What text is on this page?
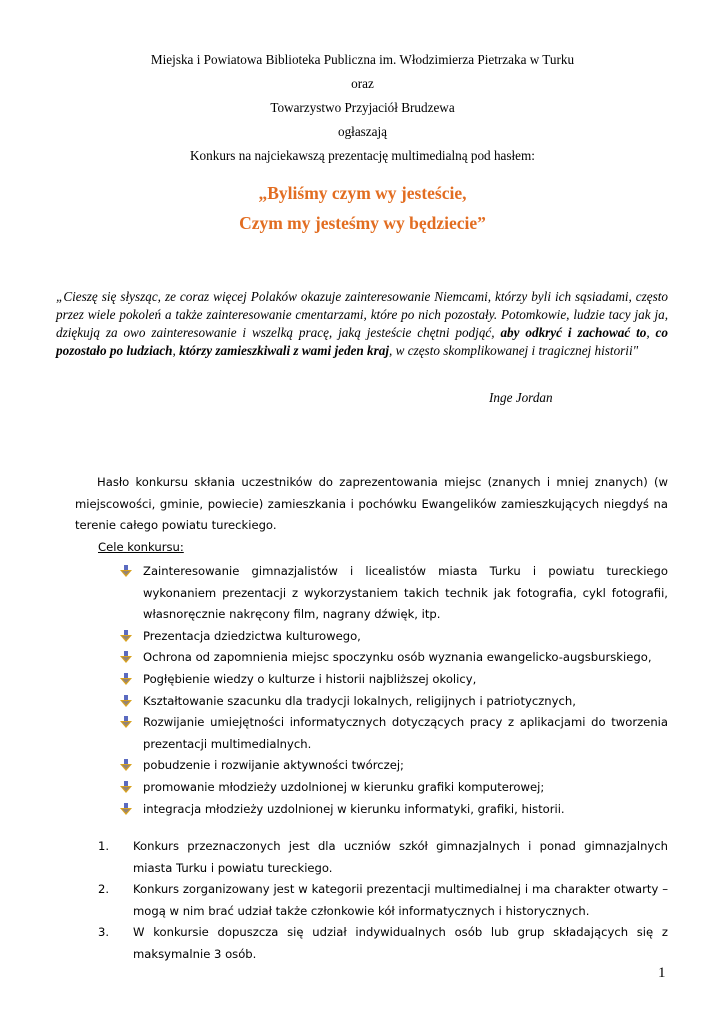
Miejska i Powiatowa Biblioteka Publiczna im. Włodzimierza Pietrzaka w Turku
oraz
Towarzystwo Przyjaciół Brudzewa
ogłaszają
Konkurs na najciekawszą prezentację multimedialną pod hasłem:
„Byliśmy czym wy jesteście,
Czym my jesteśmy wy będziecie”
„Cieszę się słysząc, ze coraz więcej Polaków okazuje zainteresowanie Niemcami, którzy byli ich sąsiadami, często przez wiele pokoleń a także zainteresowanie cmentarzami, które po nich pozostały. Potomkowie, ludzie tacy jak ja, dziękują za owo zainteresowanie i wszelką pracę, jaką jesteście chętni podjąć, aby odkryć i zachować to, co pozostało po ludziach, którzy zamieszkiwali z wami jeden kraj, w często skomplikowanej i tragicznej historii"
Inge Jordan
Hasło konkursu skłania uczestników do zaprezentowania miejsc (znanych i mniej znanych) (w miejscowości, gminie, powiecie) zamieszkania i pochówku Ewangelików zamieszkujących niegdyś na terenie całego powiatu tureckiego.
Cele konkursu:
Zainteresowanie gimnazjalistów i licealistów miasta Turku i powiatu tureckiego wykonaniem prezentacji z wykorzystaniem takich technik jak fotografia, cykl fotografii, własnoręcznie nakręcony film, nagrany dźwięk, itp.
Prezentacja dziedzictwa kulturowego,
Ochrona od zapomnienia miejsc spoczynku osób wyznania ewangelicko-augsburskiego,
Pogłębienie wiedzy o kulturze i historii najbliższej okolicy,
Kształtowanie szacunku dla tradycji lokalnych, religijnych i patriotycznych,
Rozwijanie umiejętności informatycznych dotyczących pracy z aplikacjami do tworzenia prezentacji multimedialnych.
pobudzenie i rozwijanie aktywności twórczej;
promowanie młodzieży uzdolnionej w kierunku grafiki komputerowej;
integracja młodzieży uzdolnionej w kierunku informatyki, grafiki, historii.
1. Konkurs przeznaczonych jest dla uczniów szkół gimnazjalnych i ponad gimnazjalnych miasta Turku i powiatu tureckiego.
2. Konkurs zorganizowany jest w kategorii prezentacji multimedialnej i ma charakter otwarty – mogą w nim brać udział także członkowie kół informatycznych i historycznych.
3. W konkursie dopuszcza się udział indywidualnych osób lub grup składających się z maksymalnie 3 osób.
1
